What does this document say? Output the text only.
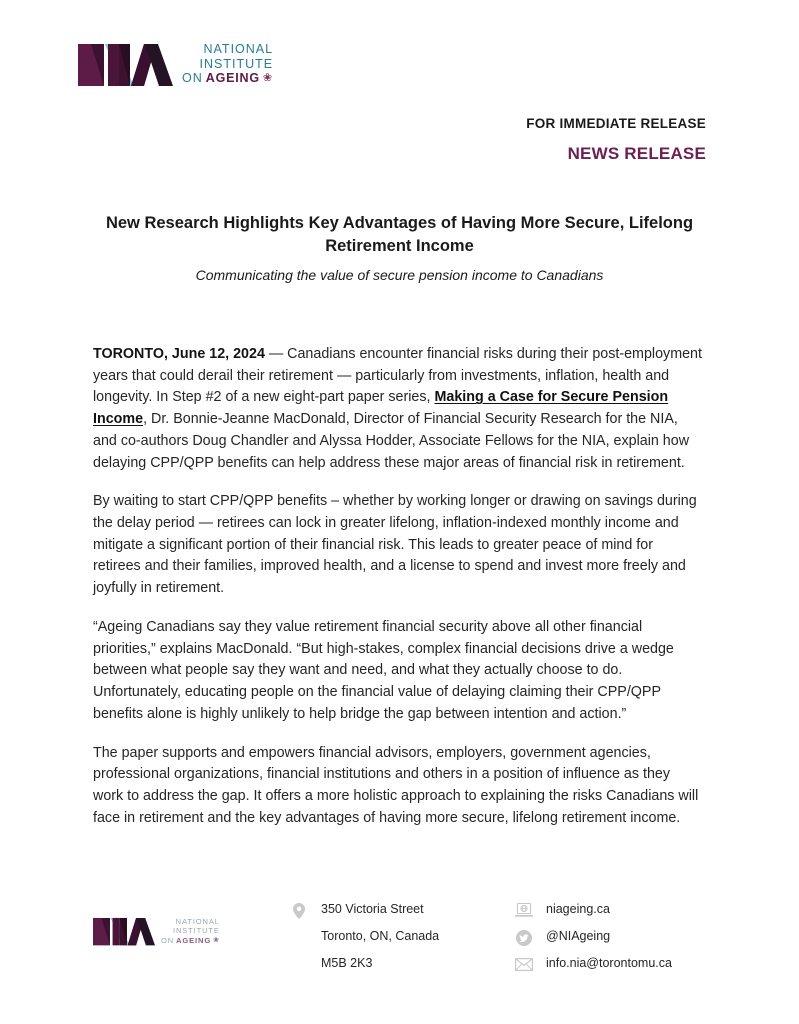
NATIONAL
INSTITUTE
ON AGEING ❀
FOR IMMEDIATE RELEASE
NEWS RELEASE
New Research Highlights Key Advantages of Having More Secure, Lifelong Retirement Income
Communicating the value of secure pension income to Canadians

TORONTO, June 12, 2024 — Canadians encounter financial risks during their post-employment years that could derail their retirement — particularly from investments, inflation, health and longevity. In Step #2 of a new eight-part paper series, Making a Case for Secure Pension Income, Dr. Bonnie-Jeanne MacDonald, Director of Financial Security Research for the NIA, and co-authors Doug Chandler and Alyssa Hodder, Associate Fellows for the NIA, explain how delaying CPP/QPP benefits can help address these major areas of financial risk in retirement.

By waiting to start CPP/QPP benefits – whether by working longer or drawing on savings during the delay period — retirees can lock in greater lifelong, inflation-indexed monthly income and mitigate a significant portion of their financial risk. This leads to greater peace of mind for retirees and their families, improved health, and a license to spend and invest more freely and joyfully in retirement.

“Ageing Canadians say they value retirement financial security above all other financial priorities,” explains MacDonald. “But high-stakes, complex financial decisions drive a wedge between what people say they want and need, and what they actually choose to do. Unfortunately, educating people on the financial value of delaying claiming their CPP/QPP benefits alone is highly unlikely to help bridge the gap between intention and action.”

The paper supports and empowers financial advisors, employers, government agencies, professional organizations, financial institutions and others in a position of influence as they work to address the gap. It offers a more holistic approach to explaining the risks Canadians will face in retirement and the key advantages of having more secure, lifelong retirement income.

NATIONAL
INSTITUTE
ON AGEING ❀
350 Victoria Street
Toronto, ON, Canada
M5B 2K3
niageing.ca
@NIAgeing
info.nia@torontomu.ca
